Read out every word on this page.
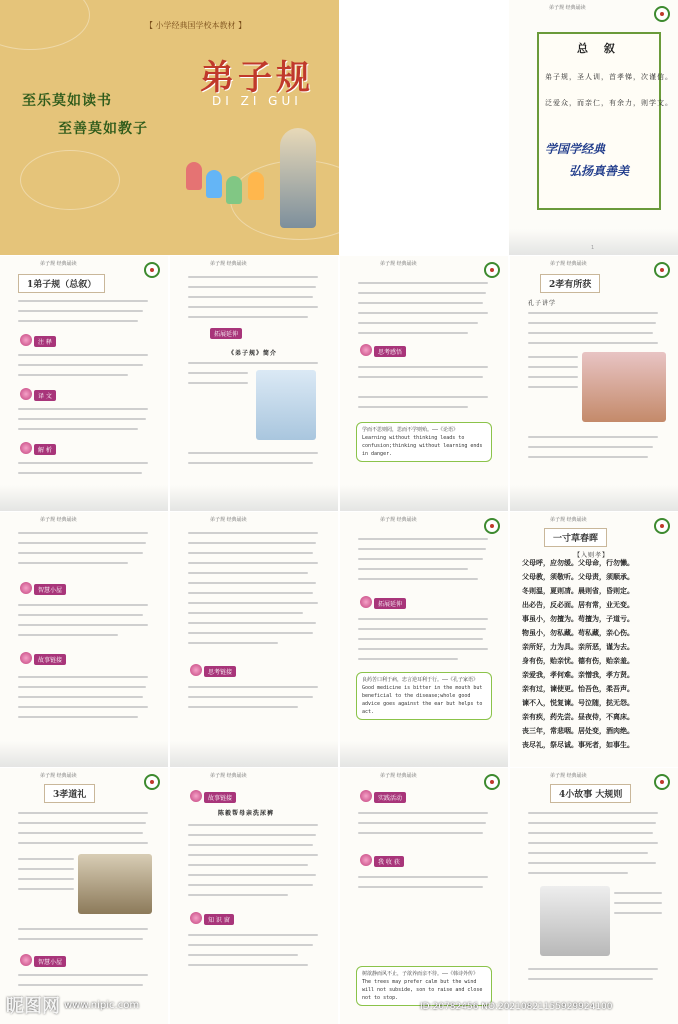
【 小学经典国学校本教材 】
弟子规
DI ZI GUI
至乐莫如读书
至善莫如教子
弟子规 经典诵读
总 叙
弟子规，圣人训，首孝悌，次谨信。
泛爱众，而亲仁，有余力，则学文。
学国学经典
弘扬真善美
1
弟子规 经典诵读
1弟子规（总叙）
注 释
译 文
解 析
弟子规 经典诵读
拓展延伸
《弟子规》简介
弟子规 经典诵读
思考感悟
学而不思则罔，思而不学则殆。——《论语》
Learning without thinking leads to confusion;thinking without learning ends in danger.
弟子规 经典诵读
2孝有所获
孔子讲学
弟子规 经典诵读
智慧小屋
故事链接
弟子规 经典诵读
思考链接
弟子规 经典诵读
拓展延伸
良药苦口利于病，忠言逆耳利于行。——《孔子家语》
Good medicine is bitter in the mouth but beneficial to the disease;whole good advice goes against the ear but helps to act.
弟子规 经典诵读
一寸草春晖
【入则孝】
父母呼，应勿缓。父母命，行勿懒。
父母教，须敬听。父母责，须顺承。
冬则温，夏则凊。晨则省，昏则定。
出必告，反必面。居有常，业无变。
事虽小，勿擅为。苟擅为，子道亏。
物虽小，勿私藏。苟私藏，亲心伤。
亲所好，力为具。亲所恶，谨为去。
身有伤，贻亲忧。德有伤，贻亲羞。
亲爱我，孝何难。亲憎我，孝方贤。
亲有过，谏使更。怡吾色，柔吾声。
谏不入，悦复谏。号泣随，挞无怨。
亲有疾，药先尝。昼夜侍，不离床。
丧三年，常悲咽。居处变，酒肉绝。
丧尽礼，祭尽诚。事死者，如事生。
弟子规 经典诵读
3孝道礼
智慧小屋
弟子规 经典诵读
故事链接
陈毅帮母亲洗尿裤
知 识 窗
弟子规 经典诵读
实践活动
我 收 获
树欲静而风不止，子欲养而亲不待。——《韩诗外传》
The trees may prefer calm but the wind will not subside, son to raise and close not to stop.
弟子规 经典诵读
4小故事 大规则
昵图网 www.nipic.com	ID:20782456 NO:20210821155929924100
